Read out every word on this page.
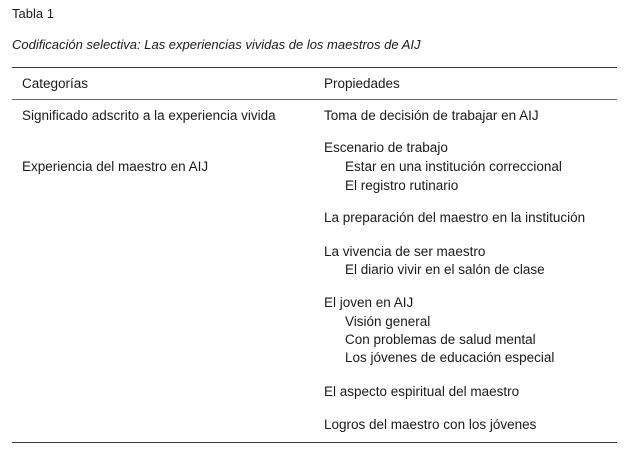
Tabla 1
Codificación selectiva: Las experiencias vividas de los maestros de AIJ
Categorías	Propiedades
Significado adscrito a la experiencia vivida	Toma de decisión de trabajar en AIJ
Experiencia del maestro en AIJ
Escenario de trabajo
Estar en una institución correccional
El registro rutinario
La preparación del maestro en la institución
La vivencia de ser maestro
El diario vivir en el salón de clase
El joven en AIJ
Visión general
Con problemas de salud mental
Los jóvenes de educación especial
El aspecto espiritual del maestro
Logros del maestro con los jóvenes
